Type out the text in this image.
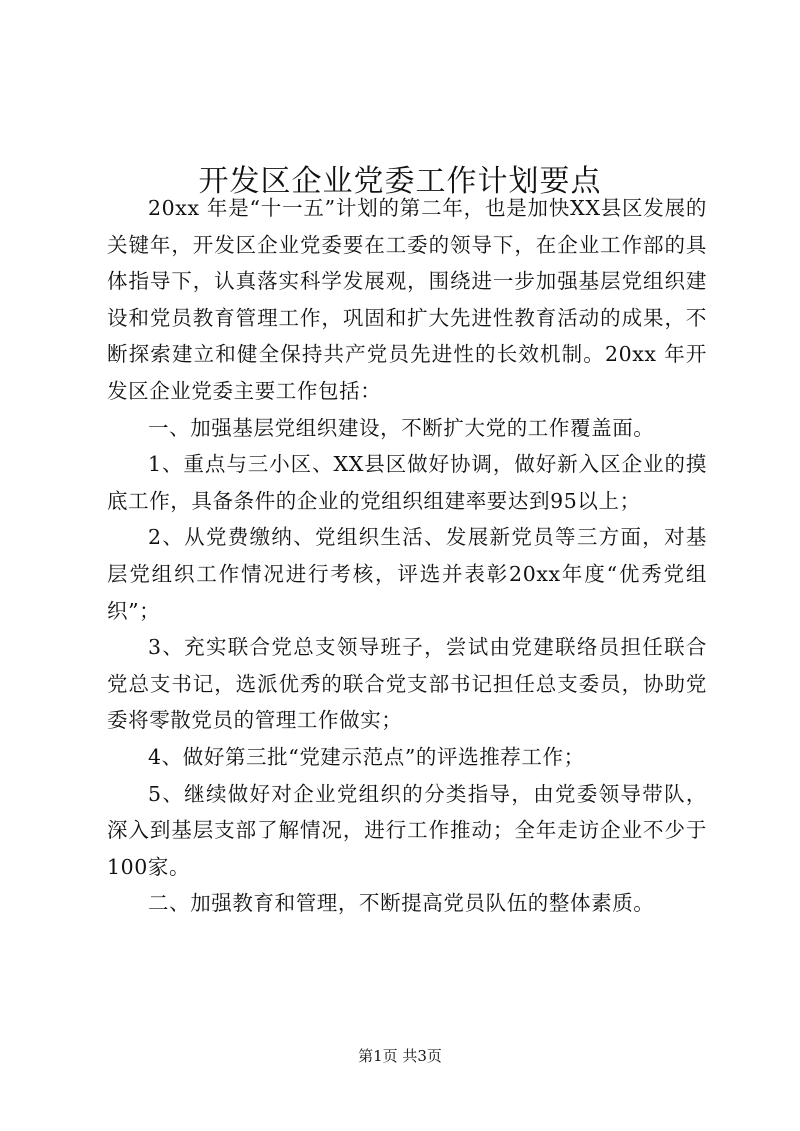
开发区企业党委工作计划要点

20xx 年是“十一五”计划的第二年，也是加快XX县区发展的关键年，开发区企业党委要在工委的领导下，在企业工作部的具体指导下，认真落实科学发展观，围绕进一步加强基层党组织建设和党员教育管理工作，巩固和扩大先进性教育活动的成果，不断探索建立和健全保持共产党员先进性的长效机制。20xx 年开发区企业党委主要工作包括：

一、加强基层党组织建设，不断扩大党的工作覆盖面。

1、重点与三小区、XX县区做好协调，做好新入区企业的摸底工作，具备条件的企业的党组织组建率要达到95以上；

2、从党费缴纳、党组织生活、发展新党员等三方面，对基层党组织工作情况进行考核，评选并表彰20xx年度“优秀党组织”；

3、充实联合党总支领导班子，尝试由党建联络员担任联合党总支书记，选派优秀的联合党支部书记担任总支委员，协助党委将零散党员的管理工作做实；

4、做好第三批“党建示范点”的评选推荐工作；

5、继续做好对企业党组织的分类指导，由党委领导带队，深入到基层支部了解情况，进行工作推动；全年走访企业不少于100家。

二、加强教育和管理，不断提高党员队伍的整体素质。

第1页 共3页
